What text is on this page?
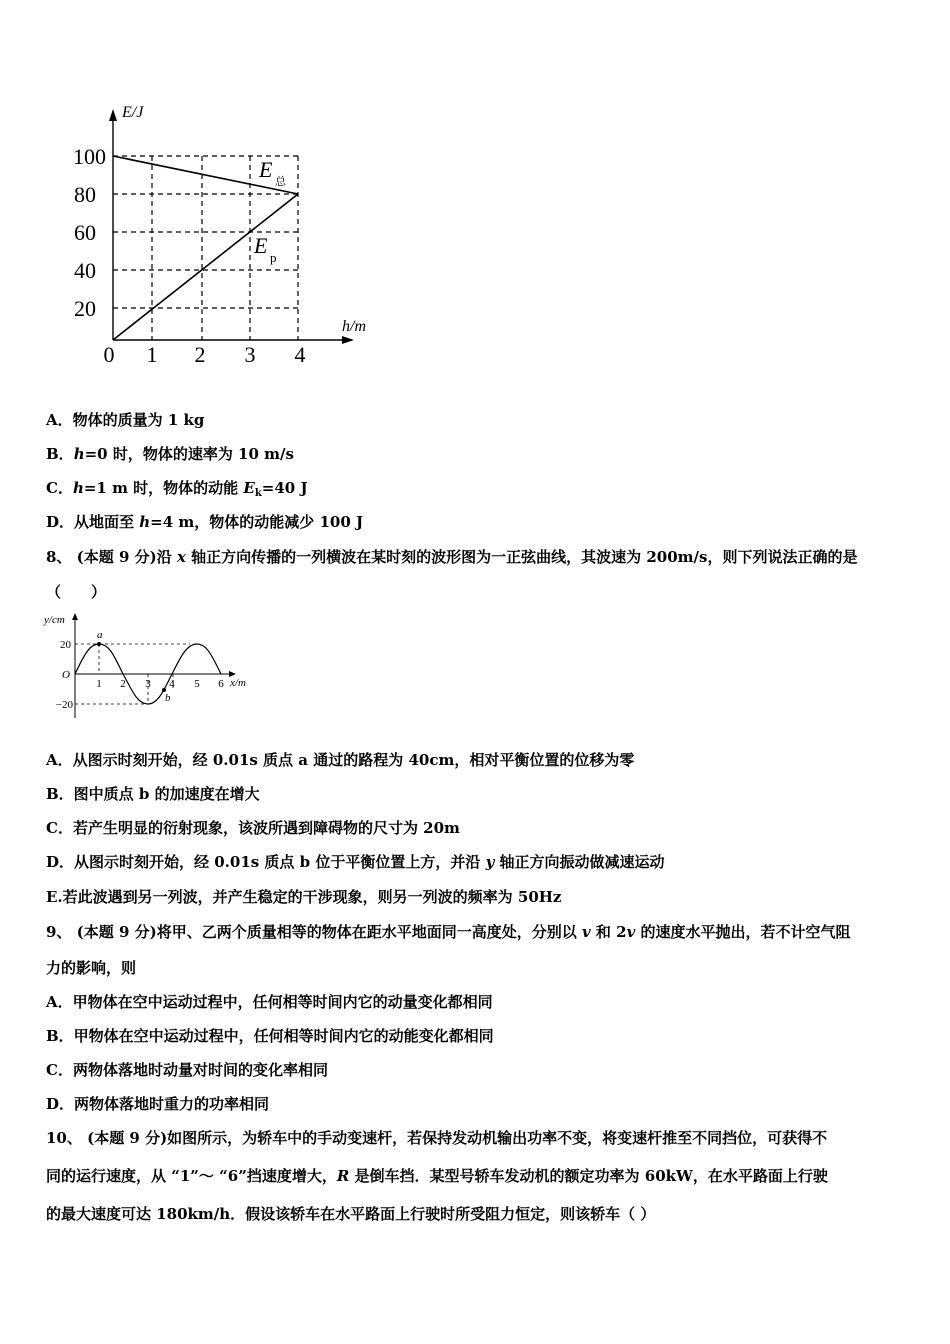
E/J
h/m
100
80
60
40
20
0 1 2 3 4
E 总
E p
A．物体的质量为 1 kg
B．h=0 时，物体的速率为 10 m/s
C．h=1 m 时，物体的动能 $E_k=40$ J
D．从地面至 h=4 m，物体的动能减少 100 J
8、 (本题 9 分)沿 x 轴正方向传播的一列横波在某时刻的波形图为一正弦曲线，其波速为 200m/s，则下列说法正确的是
（　　）
y/cm
x/m
O
20
−20
1 2 3 4 5 6
a
b
A．从图示时刻开始，经 0.01s 质点 a 通过的路程为 40cm，相对平衡位置的位移为零
B．图中质点 b 的加速度在增大
C．若产生明显的衍射现象，该波所遇到障碍物的尺寸为 20m
D．从图示时刻开始，经 0.01s 质点 b 位于平衡位置上方，并沿 y 轴正方向振动做减速运动
E.若此波遇到另一列波，并产生稳定的干涉现象，则另一列波的频率为 50Hz
9、 (本题 9 分)将甲、乙两个质量相等的物体在距水平地面同一高度处，分别以 v 和 2v 的速度水平抛出，若不计空气阻
力的影响，则
A．甲物体在空中运动过程中，任何相等时间内它的动量变化都相同
B．甲物体在空中运动过程中，任何相等时间内它的动能变化都相同
C．两物体落地时动量对时间的变化率相同
D．两物体落地时重力的功率相同
10、 (本题 9 分)如图所示，为轿车中的手动变速杆，若保持发动机输出功率不变，将变速杆推至不同挡位，可获得不
同的运行速度，从 “1”～ “6”挡速度增大，R 是倒车挡．某型号轿车发动机的额定功率为 60kW，在水平路面上行驶
的最大速度可达 180km/h．假设该轿车在水平路面上行驶时所受阻力恒定，则该轿车（ ）
